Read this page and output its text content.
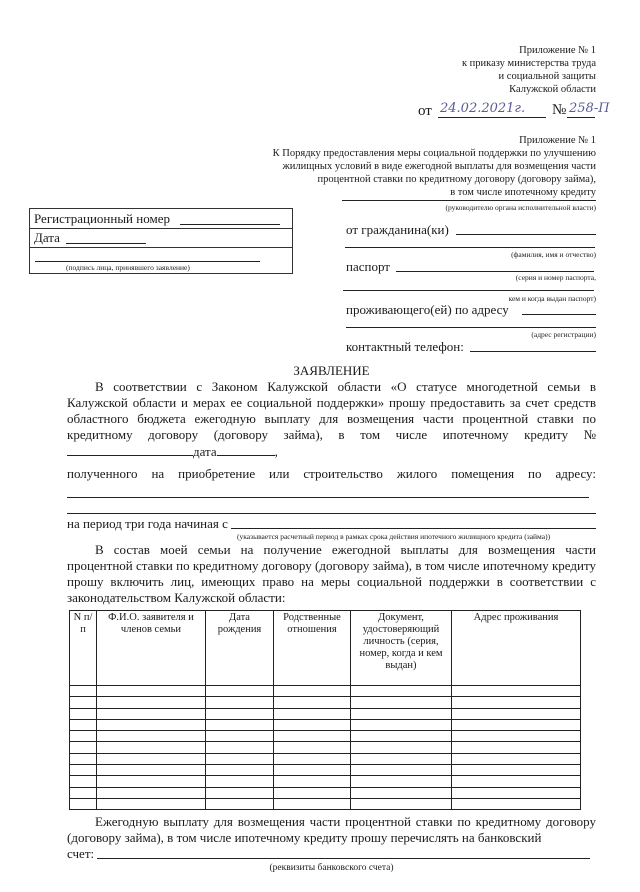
Приложение № 1
к приказу министерства труда
и социальной защиты
Калужской области
от 24.02.2021г. № 258-П
Приложение № 1
К Порядку предоставления меры социальной поддержки по улучшению
жилищных условий в виде ежегодной выплаты для возмещения части
процентной ставки по кредитному договору (договору займа),
в том числе ипотечному кредиту
(руководителю органа исполнительной власти)
Регистрационный номер
Дата
(подпись лица, принявшего заявление)
от гражданина(ки)
(фамилия, имя и отчество)
паспорт
(серия и номер паспорта,
кем и когда выдан паспорт)
проживающего(ей) по адресу
(адрес регистрации)
контактный телефон:
ЗАЯВЛЕНИЕ

В соответствии с Законом Калужской области «О статусе многодетной семьи в Калужской области и мерах ее социальной поддержки» прошу предоставить за счет средств областного бюджета ежегодную выплату для возмещения части процентной ставки по кредитному договору (договору займа), в том числе ипотечному кредиту № дата	,

полученного на приобретение или строительство жилого помещения по адресу:

на период три года начиная с
(указывается расчетный период в рамках срока действия ипотечного жилищного кредита (займа))

В состав моей семьи на получение ежегодной выплаты для возмещения части процентной ставки по кредитному договору (договору займа), в том числе ипотечному кредиту прошу включить лиц, имеющих право на меры социальной поддержки в соответствии с законодательством Калужской области:

N п/п	Ф.И.О. заявителя и членов семьи	Дата рождения	Родственные отношения	Документ, удостоверяющий личность (серия, номер, когда и кем выдан)	Адрес проживания

Ежегодную выплату для возмещения части процентной ставки по кредитному договору (договору займа), в том числе ипотечному кредиту прошу перечислять на банковский

счет:
(реквизиты банковского счета)
